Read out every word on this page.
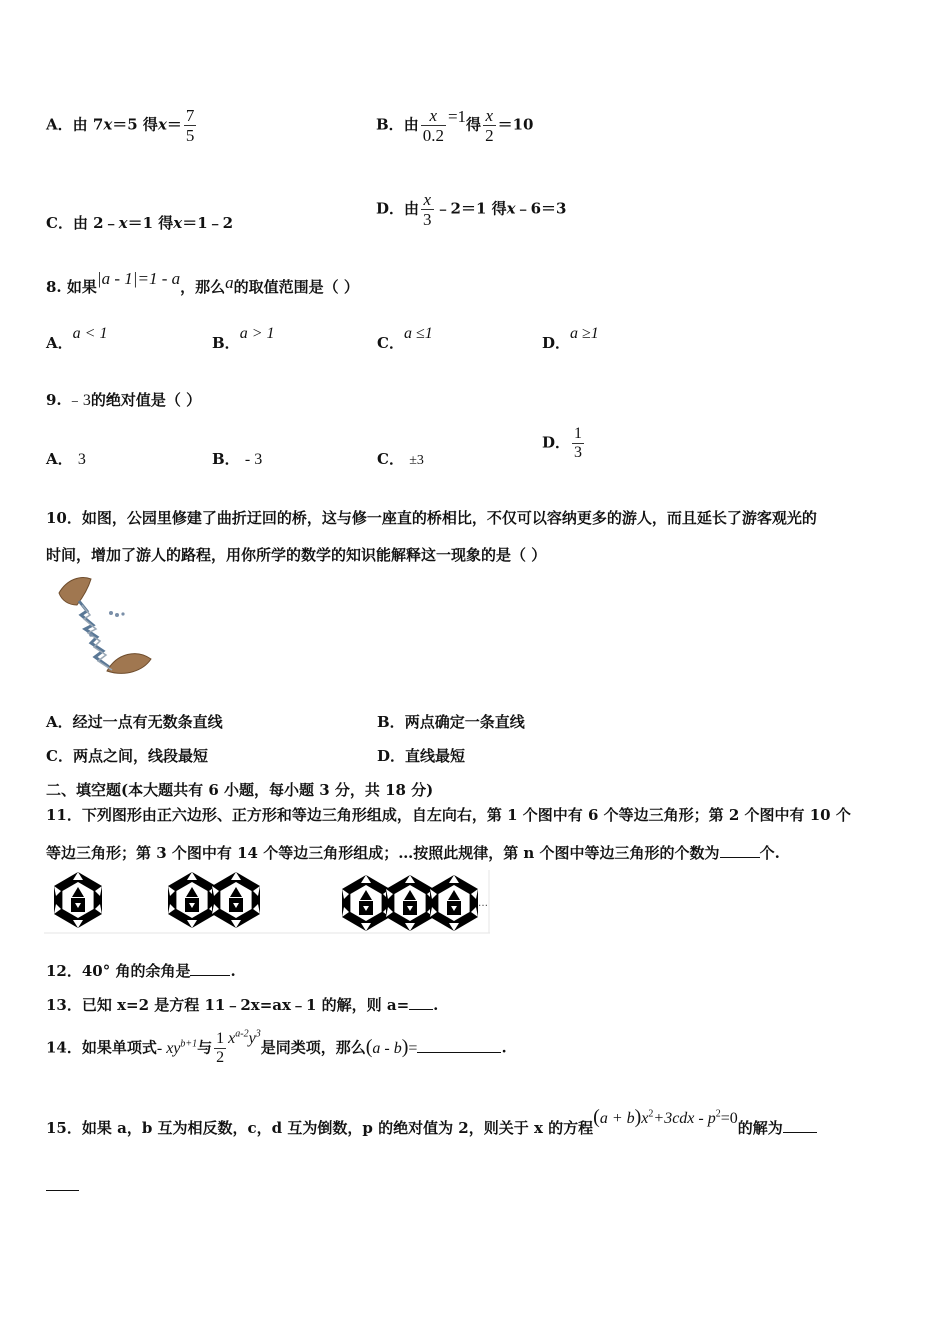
A．由 7x＝5 得$x= \frac{7}{5}$	B．由 $\frac{x}{0.2} =1$得 $\frac{x}{2} =10$
C．由 2﹣x＝1 得x＝1﹣2
D．由 $\frac{x}{3}$ ﹣2＝1 得x﹣6＝3
8. 如果|a - 1|=1 - a，那么a的取值范围是（ ）
A．a < 1
B．a > 1
C．a ≤1
D．a ≥1
9. ﹣3的绝对值是（ ）
A． 3	B． - 3	C． ±3
D． $\frac{1}{3}$
10．如图，公园里修建了曲折迂回的桥，这与修一座直的桥相比，不仅可以容纳更多的游人，而且延长了游客观光的
时间，增加了游人的路程，用你所学的数学的知识能解释这一现象的是（ ）
A．经过一点有无数条直线	B．两点确定一条直线
C．两点之间，线段最短	D．直线最短
二、填空题(本大题共有 6 小题，每小题 3 分，共 18 分)
11．下列图形由正六边形、正方形和等边三角形组成，自左向右，第 1 个图中有 6 个等边三角形；第 2 个图中有 10 个
等边三角形；第 3 个图中有 14 个等边三角形组成；…按照此规律，第 n 个图中等边三角形的个数为	个.
…
12．40° 角的余角是	.
13．已知 x=2 是方程 11﹣2x=ax﹣1 的解，则 a= .
14．如果单项式- $xy^{b+1}$与 $\frac{1}{2} x^{a-2}y^3$是同类项，那么(a - b)=	.
15．如果 a，b 互为相反数，c，d 互为倒数，p 的绝对值为 2，则关于 x 的方程$(a + b)x^2+3cdx - p^2=0$的解为
